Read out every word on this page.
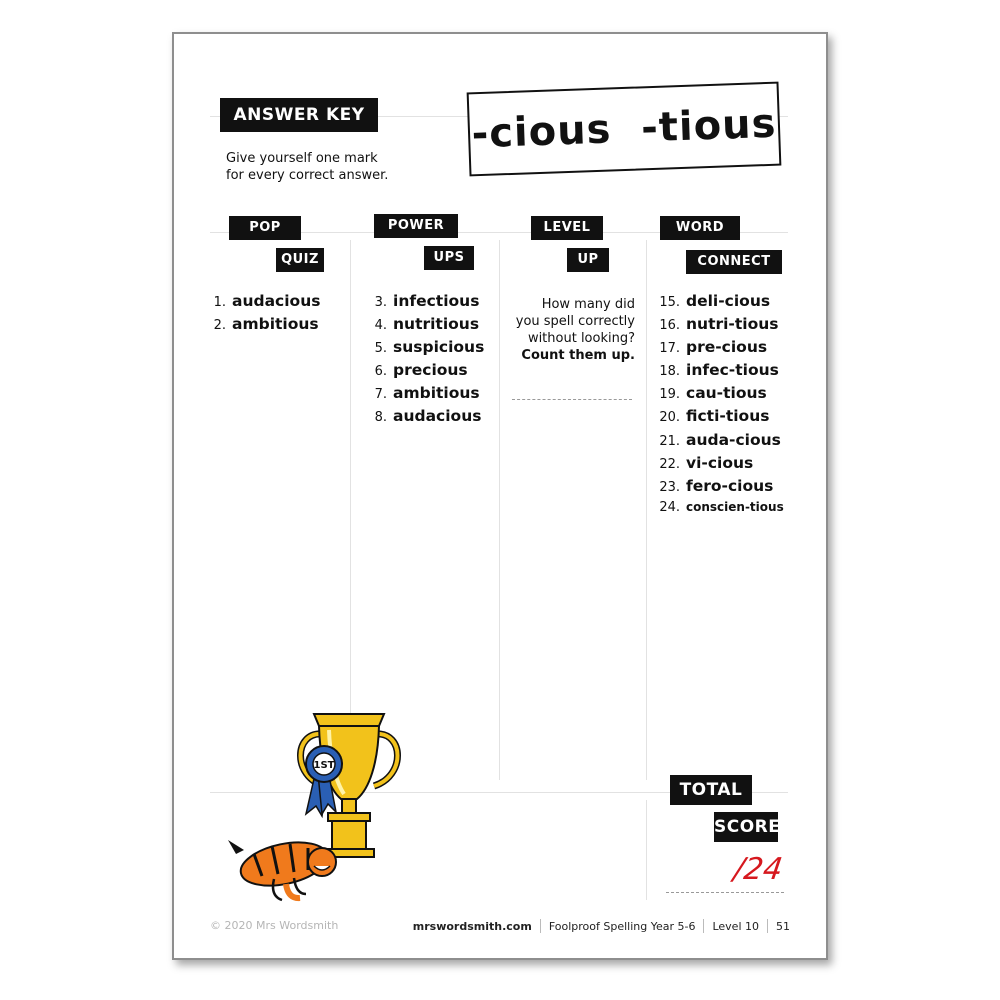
ANSWER KEY
Give yourself one mark
for every correct answer.
-cious  -tious
POP
QUIZ
POWER
UPS
LEVEL
UP
WORD
CONNECT
1. audacious
2. ambitious
3. infectious
4. nutritious
5. suspicious
6. precious
7. ambitious
8. audacious
How many did
you spell correctly
without looking?
Count them up.
15. deli-cious
16. nutri-tious
17. pre-cious
18. infec-tious
19. cau-tious
20. ficti-tious
21. auda-cious
22. vi-cious
23. fero-cious
24. conscien-tious
1ST
TOTAL
SCORE
/24
© 2020 Mrs Wordsmith	mrswordsmith.com Foolproof Spelling Year 5-6 Level 10 51
